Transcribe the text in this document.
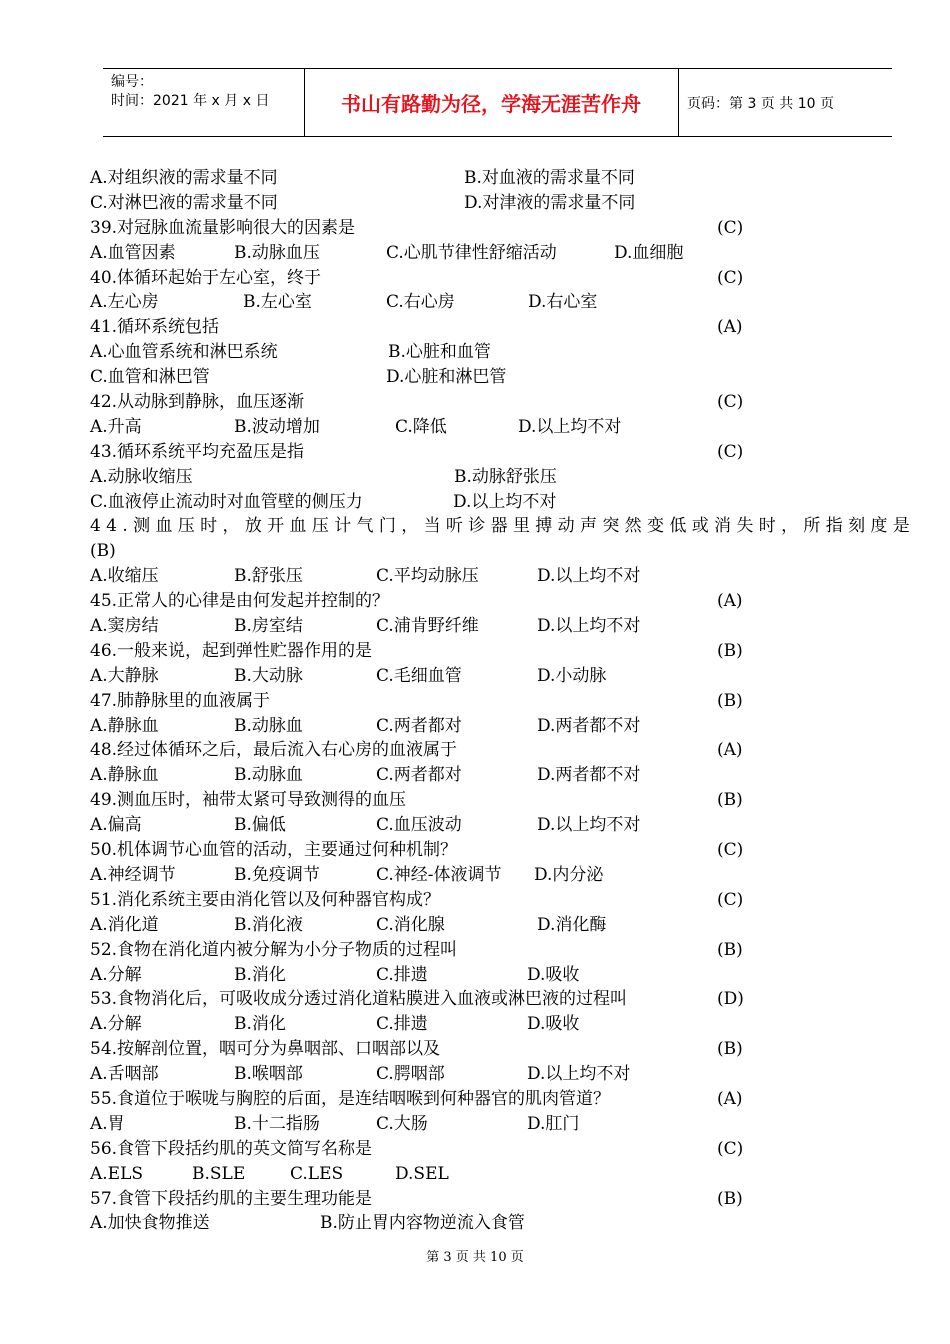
编号：
时间：2021 年 x 月 x 日	书山有路勤为径，学海无涯苦作舟	页码：第 3 页 共 10 页
A.对组织液的需求量不同	B.对血液的需求量不同
C.对淋巴液的需求量不同	D.对津液的需求量不同
39.对冠脉血流量影响很大的因素是	(C)
A.血管因素	B.动脉血压	C.心肌节律性舒缩活动	D.血细胞
40.体循环起始于左心室，终于	(C)
A.左心房	B.左心室	C.右心房	D.右心室
41.循环系统包括	(A)
A.心血管系统和淋巴系统	B.心脏和血管
C.血管和淋巴管	D.心脏和淋巴管
42.从动脉到静脉，血压逐渐	(C)
A.升高	B.波动增加	C.降低	D.以上均不对
43.循环系统平均充盈压是指	(C)
A.动脉收缩压	B.动脉舒张压
C.血液停止流动时对血管壁的侧压力	D.以上均不对
4 4 . 测 血 压 时 ， 放 开 血 压 计 气 门 ， 当 听 诊 器 里 搏 动 声 突 然 变 低 或 消 失 时 ， 所 指 刻 度 是
(B)
A.收缩压	B.舒张压	C.平均动脉压	D.以上均不对
45.正常人的心律是由何发起并控制的？	(A)
A.窦房结	B.房室结	C.浦肯野纤维	D.以上均不对
46.一般来说，起到弹性贮器作用的是	(B)
A.大静脉	B.大动脉	C.毛细血管	D.小动脉
47.肺静脉里的血液属于	(B)
A.静脉血	B.动脉血	C.两者都对	D.两者都不对
48.经过体循环之后，最后流入右心房的血液属于	(A)
A.静脉血	B.动脉血	C.两者都对	D.两者都不对
49.测血压时，袖带太紧可导致测得的血压	(B)
A.偏高	B.偏低	C.血压波动	D.以上均不对
50.机体调节心血管的活动，主要通过何种机制？	(C)
A.神经调节	B.免疫调节	C.神经-体液调节 D.内分泌
51.消化系统主要由消化管以及何种器官构成？	(C)
A.消化道	B.消化液	C.消化腺	D.消化酶
52.食物在消化道内被分解为小分子物质的过程叫	(B)
A.分解	B.消化	C.排遗	D.吸收
53.食物消化后，可吸收成分透过消化道粘膜进入血液或淋巴液的过程叫	(D)
A.分解	B.消化	C.排遗	D.吸收
54.按解剖位置，咽可分为鼻咽部、口咽部以及	(B)
A.舌咽部	B.喉咽部	C.腭咽部	D.以上均不对
55.食道位于喉咙与胸腔的后面，是连结咽喉到何种器官的肌肉管道？	(A)
A.胃	B.十二指肠	C.大肠	D.肛门
56.食管下段括约肌的英文简写名称是	(C)
A.ELS	B.SLE	C.LES	D.SEL
57.食管下段括约肌的主要生理功能是	(B)
A.加快食物推送	B.防止胃内容物逆流入食管
第 3 页 共 10 页
